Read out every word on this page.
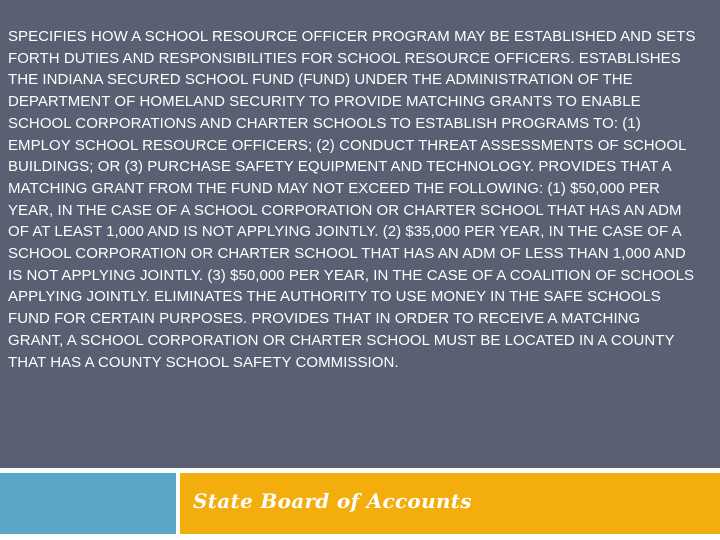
SPECIFIES HOW A SCHOOL RESOURCE OFFICER PROGRAM MAY BE ESTABLISHED AND SETS FORTH DUTIES AND RESPONSIBILITIES FOR SCHOOL RESOURCE OFFICERS. ESTABLISHES THE INDIANA SECURED SCHOOL FUND (FUND) UNDER THE ADMINISTRATION OF THE DEPARTMENT OF HOMELAND SECURITY TO PROVIDE MATCHING GRANTS TO ENABLE SCHOOL CORPORATIONS AND CHARTER SCHOOLS TO ESTABLISH PROGRAMS TO: (1) EMPLOY SCHOOL RESOURCE OFFICERS; (2) CONDUCT THREAT ASSESSMENTS OF SCHOOL BUILDINGS; OR (3) PURCHASE SAFETY EQUIPMENT AND TECHNOLOGY. PROVIDES THAT A MATCHING GRANT FROM THE FUND MAY NOT EXCEED THE FOLLOWING: (1) $50,000 PER YEAR, IN THE CASE OF A SCHOOL CORPORATION OR CHARTER SCHOOL THAT HAS AN ADM OF AT LEAST 1,000 AND IS NOT APPLYING JOINTLY. (2) $35,000 PER YEAR, IN THE CASE OF A SCHOOL CORPORATION OR CHARTER SCHOOL THAT HAS AN ADM OF LESS THAN 1,000 AND IS NOT APPLYING JOINTLY. (3) $50,000 PER YEAR, IN THE CASE OF A COALITION OF SCHOOLS APPLYING JOINTLY. ELIMINATES THE AUTHORITY TO USE MONEY IN THE SAFE SCHOOLS FUND FOR CERTAIN PURPOSES. PROVIDES THAT IN ORDER TO RECEIVE A MATCHING GRANT, A SCHOOL CORPORATION OR CHARTER SCHOOL MUST BE LOCATED IN A COUNTY THAT HAS A COUNTY SCHOOL SAFETY COMMISSION.

State Board of Accounts
